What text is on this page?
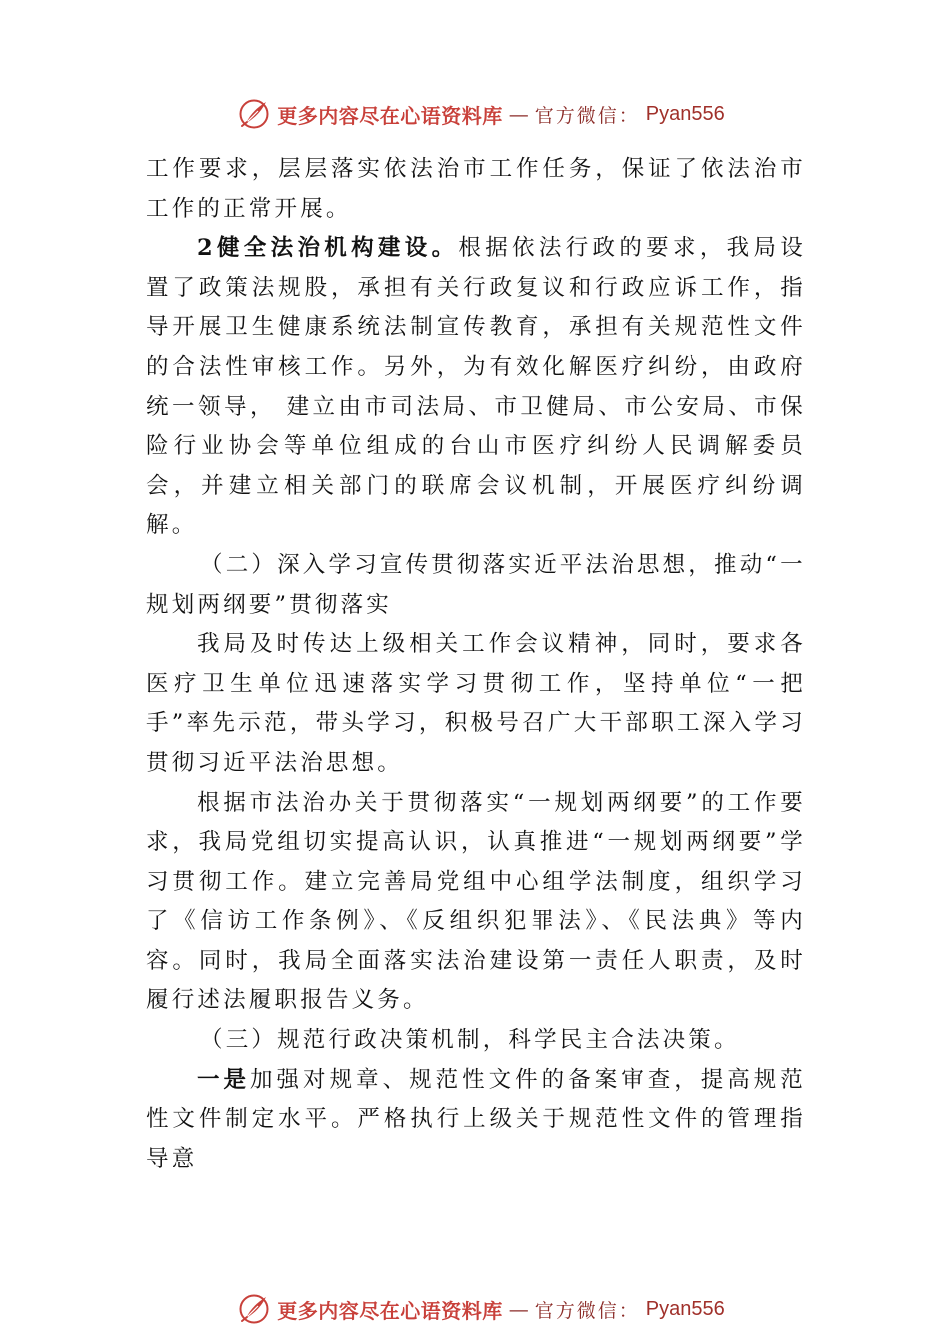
更多内容尽在心语资料库 — 官方微信： Pyan556

工作要求，层层落实依法治市工作任务，保证了依法治市工作的正常开展。

2健全法治机构建设。根据依法行政的要求，我局设置了政策法规股，承担有关行政复议和行政应诉工作，指导开展卫生健康系统法制宣传教育，承担有关规范性文件的合法性审核工作。另外，为有效化解医疗纠纷，由政府统一领导， 建立由市司法局、市卫健局、市公安局、市保险行业协会等单位组成的台山市医疗纠纷人民调解委员会，并建立相关部门的联席会议机制，开展医疗纠纷调解。

（二）深入学习宣传贯彻落实近平法治思想，推动“一规划两纲要”贯彻落实

我局及时传达上级相关工作会议精神，同时，要求各医疗卫生单位迅速落实学习贯彻工作，坚持单位“一把手”率先示范，带头学习，积极号召广大干部职工深入学习贯彻习近平法治思想。

根据市法治办关于贯彻落实“一规划两纲要”的工作要求，我局党组切实提高认识，认真推进“一规划两纲要”学习贯彻工作。建立完善局党组中心组学法制度，组织学习了《信访工作条例》、《反组织犯罪法》、《民法典》等内容。同时，我局全面落实法治建设第一责任人职责，及时履行述法履职报告义务。

（三）规范行政决策机制，科学民主合法决策。

一是加强对规章、规范性文件的备案审查，提高规范性文件制定水平。严格执行上级关于规范性文件的管理指导意

更多内容尽在心语资料库 — 官方微信： Pyan556
